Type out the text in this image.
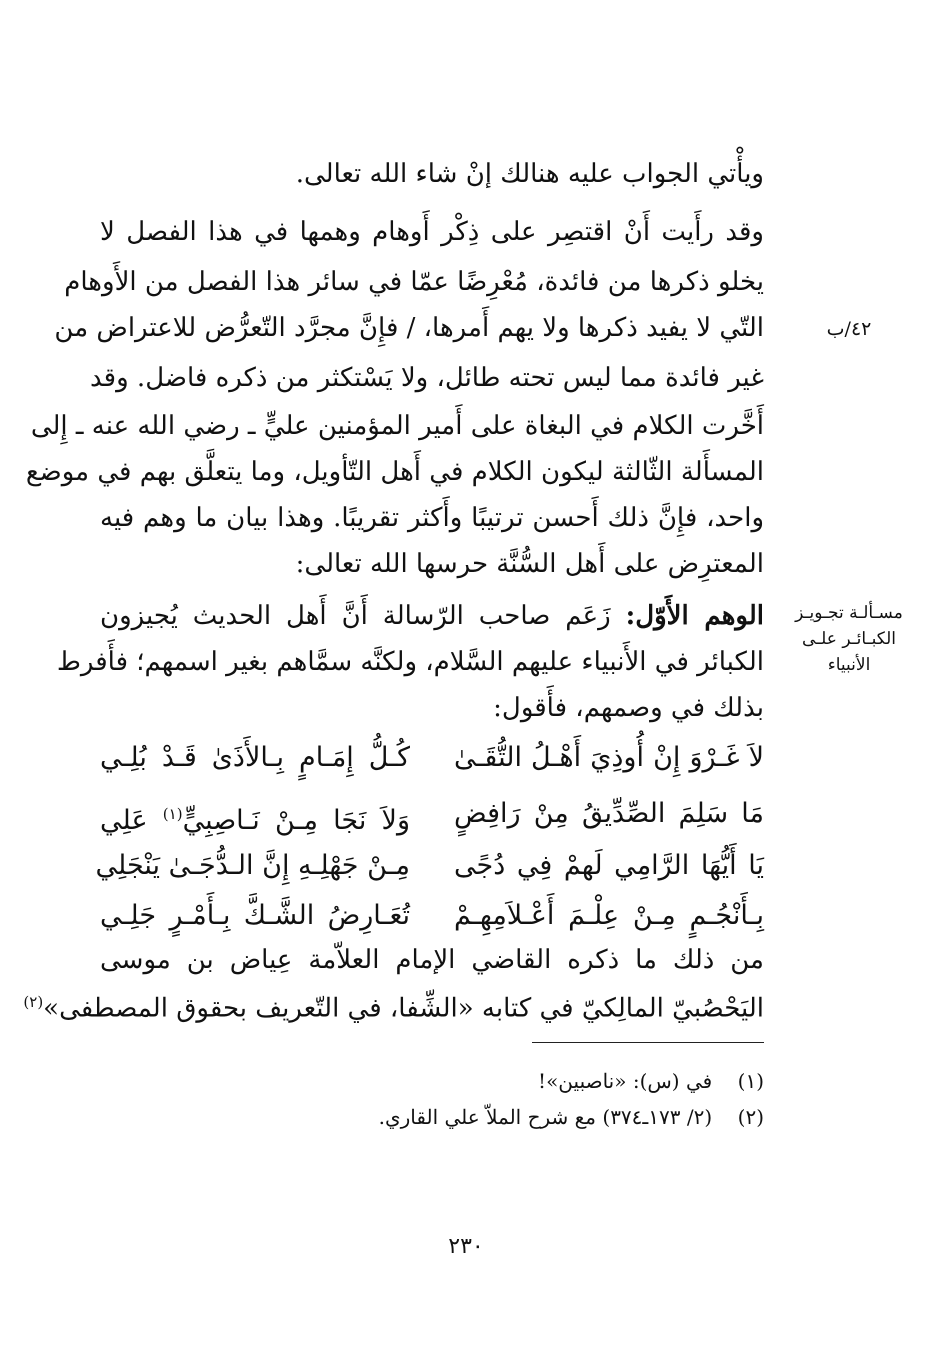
ويأْتي الجواب عليه هنالك إنْ شاء الله تعالى.
وقد رأَيت أَنْ اقتصِر على ذِكْر أَوهام وهمها في هذا الفصل لا
يخلو ذكرها من فائدة، مُعْرِضًا عمّا في سائر هذا الفصل من الأَوهام
التّي لا يفيد ذكرها ولا يهم أَمرها، / فإِنَّ مجرَّد التّعرُّض للاعتراض من
غير فائدة مما ليس تحته طائل، ولا يَسْتكثر من ذكره فاضل. وقد
أَخَّرت الكلام في البغاة على أَمير المؤمنين عليٍّ ـ رضي الله عنه ـ إِلى
المسأَلة الثّالثة ليكون الكلام في أَهل التّأويل، وما يتعلَّق بهم في موضع
واحد، فإِنَّ ذلك أَحسن ترتيبًا وأَكثر تقريبًا. وهذا بيان ما وهم فيه
المعترِض على أَهل السُّنَّة حرسها الله تعالى:
٤٢/ب
مسـألـة تجـويـز
الكبـائـر علـى
الأنبياء
الوهم الأَوّل: زَعَم صاحب الرّسالة أَنَّ أَهل الحديث يُجيزون
الكبائر في الأَنبياء عليهم السَّلام، ولكنَّه سمَّاهم بغير اسمهم؛ فأَفرط
بذلك في وصمهم، فأَقول:
لاَ غَـرْوَ إِنْ أُوذِيَ أَهْـلُ التُّقَـىٰ
كُـلُّ إِمَـامٍ بِـالأَذَىٰ قَـدْ بُلِـي
مَا سَلِمَ الصِّدِّيقُ مِنْ رَافِضٍ
وَلاَ نَجَا مِـنْ نَـاصِبِيٍّ$^{(١)}$ عَلِي
يَا أَيُّهَا الرَّامِي لَهمْ فِي دُجًى
مِـنْ جَهْلِـهِ إِنَّ الـدُّجَـىٰ يَنْجَلِي
بِـأَنْجُـمٍ مِـنْ عِلْـمَ أَعْـلاَمِهِـمْ
تُعَـارِضُ الشَّـكَّ بِـأَمْـرٍ جَلِـي
من ذلك ما ذكره القاضي الإمام العلاّمة عِياض بن موسى
اليَحْصُبيّ المالِكيّ في كتابه «الشِّفا، في التّعريف بحقوق المصطفى»$^{(٢)}$
(١)    في (س): «ناصبين»!
(٢)    (٢/ ١٧٣ـ٣٧٤) مع شرح الملاّ علي القاري.
٢٣٠
